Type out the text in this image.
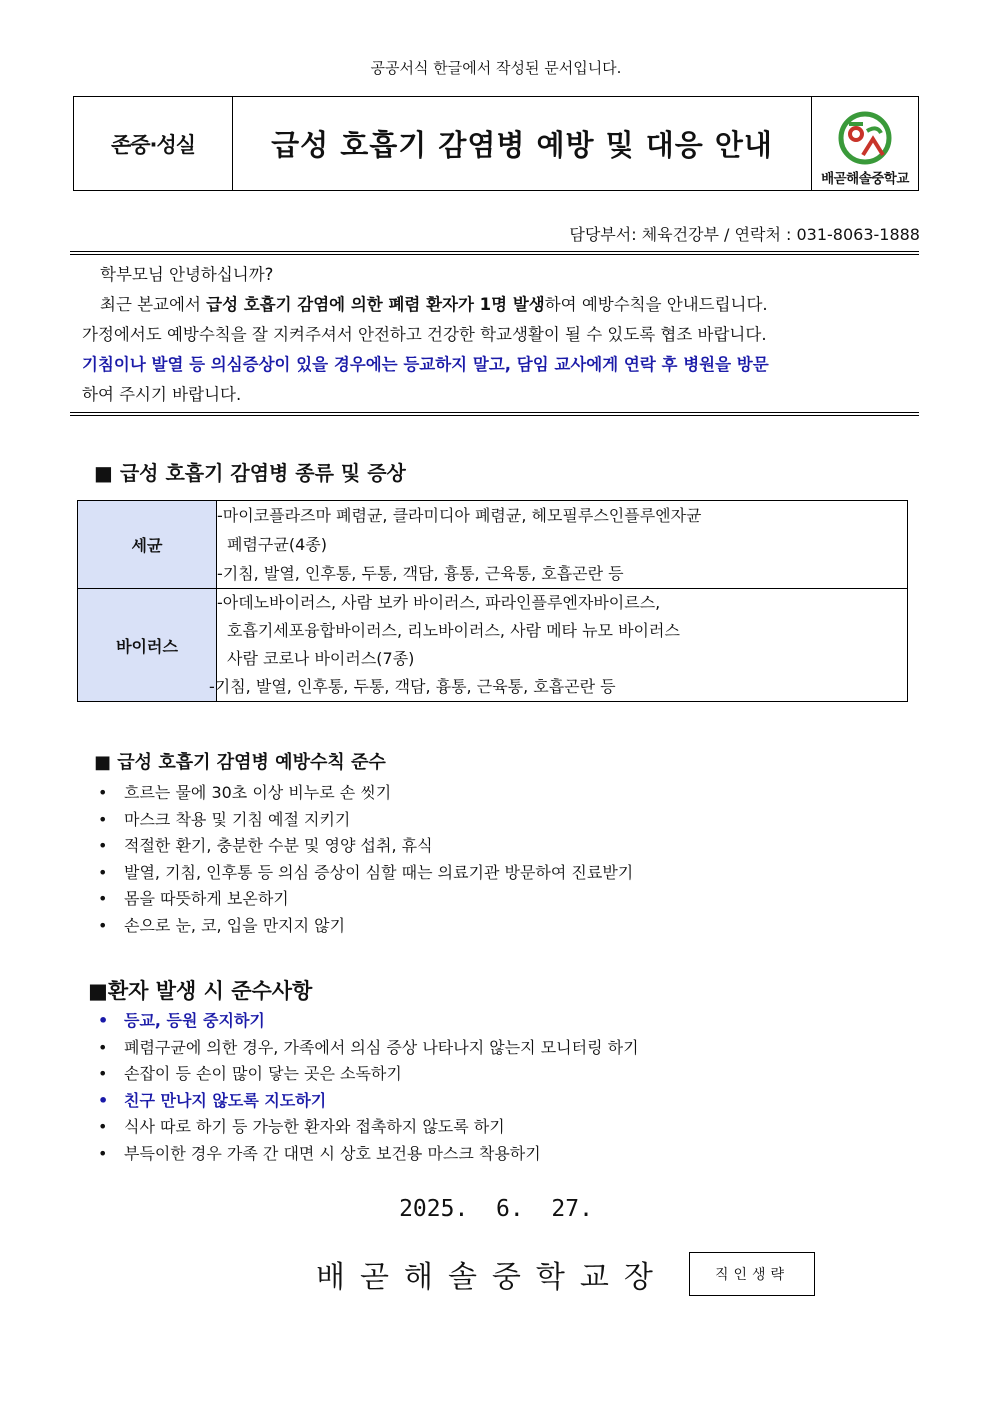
공공서식 한글에서 작성된 문서입니다.
존중·성실	급성 호흡기 감염병 예방 및 대응 안내
배곧해솔중학교
담당부서: 체육건강부 / 연락처 : 031-8063-1888

학부모님 안녕하십니까?

최근 본교에서 급성 호흡기 감염에 의한 폐렴 환자가 1명 발생하여 예방수칙을 안내드립니다.

가정에서도 예방수칙을 잘 지켜주셔서 안전하고 건강한 학교생활이 될 수 있도록 협조 바랍니다.

기침이나 발열 등 의심증상이 있을 경우에는 등교하지 말고, 담임 교사에게 연락 후 병원을 방문
하여 주시기 바랍니다.

■ 급성 호흡기 감염병 종류 및 증상
세균	-마이코플라즈마 폐렴균, 클라미디아 폐렴균, 헤모필루스인플루엔자균
폐렴구균(4종)
-기침, 발열, 인후통, 두통, 객담, 흉통, 근육통, 호흡곤란 등

바이러스	-아데노바이러스, 사람 보카 바이러스, 파라인플루엔자바이르스,
호흡기세포융합바이러스, 리노바이러스, 사람 메타 뉴모 바이러스
사람 코로나 바이러스(7종)
-기침, 발열, 인후통, 두통, 객담, 흉통, 근육통, 호흡곤란 등
■ 급성 호흡기 감염병 예방수칙 준수
• 흐르는 물에 30초 이상 비누로 손 씻기
• 마스크 착용 및 기침 예절 지키기
• 적절한 환기, 충분한 수분 및 영양 섭취, 휴식
• 발열, 기침, 인후통 등 의심 증상이 심할 때는 의료기관 방문하여 진료받기
• 몸을 따뜻하게 보온하기
• 손으로 눈, 코, 입을 만지지 않기
■환자 발생 시 준수사항
• 등교, 등원 중지하기
• 폐렴구균에 의한 경우, 가족에서 의심 증상 나타나지 않는지 모니터링 하기
• 손잡이 등 손이 많이 닿는 곳은 소독하기
• 친구 만나지 않도록 지도하기
• 식사 따로 하기 등 가능한 환자와 접촉하지 않도록 하기
• 부득이한 경우 가족 간 대면 시 상호 보건용 마스크 착용하기
2025.  6.  27.
배곧해솔중학교장	직인생략
